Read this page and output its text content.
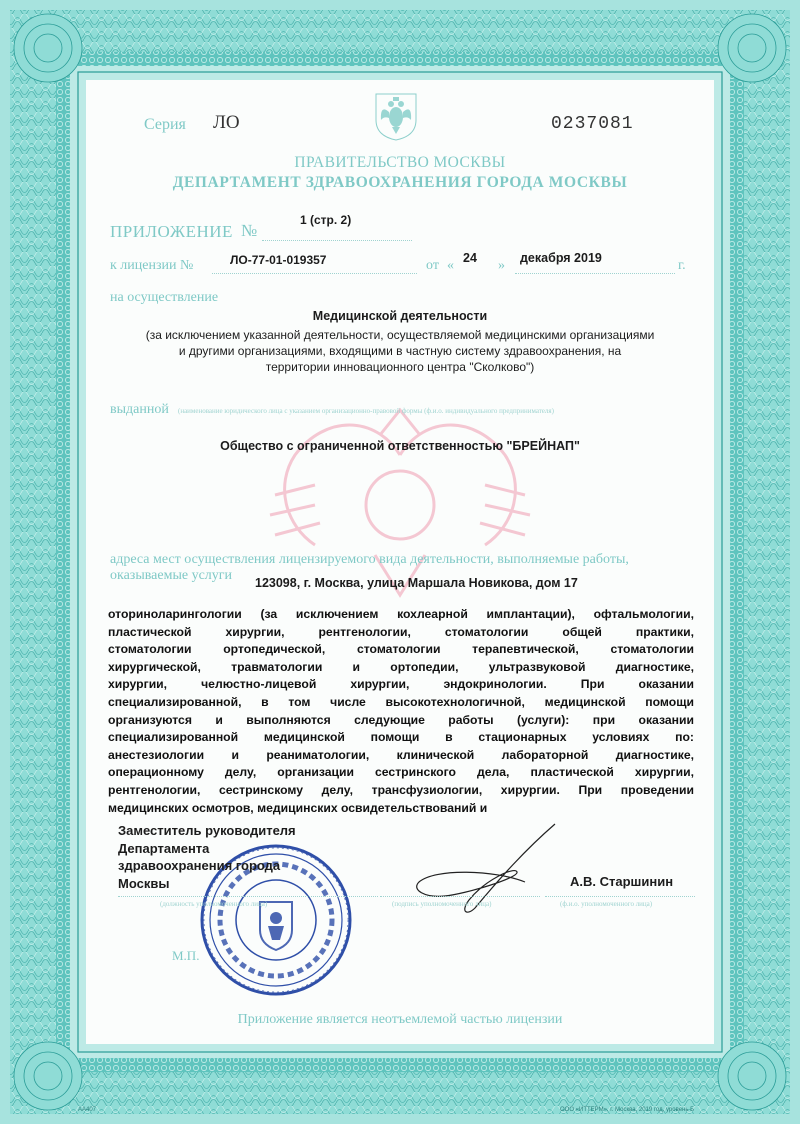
Серия ЛО	0237081
ПРАВИТЕЛЬСТВО МОСКВЫ
ДЕПАРТАМЕНТ ЗДРАВООХРАНЕНИЯ ГОРОДА МОСКВЫ
ПРИЛОЖЕНИЕ №
1 (стр. 2)
к лицензии №	ЛО-77-01-019357	от « 24 » декабря 2019	г.
на осуществление
Медицинской деятельности
(за исключением указанной деятельности, осуществляемой медицинскими организациями
и другими организациями, входящими в частную систему здравоохранения, на
территории инновационного центра "Сколково")
выданной (наименование юридического лица с указанием организационно-правовой формы (ф.и.о. индивидуального предпринимателя)
Общество с ограниченной ответственностью "БРЕЙНАП"
адреса мест осуществления лицензируемого вида деятельности, выполняемые работы,
оказываемые услуги 123098, г. Москва, улица Маршала Новикова, дом 17
оториноларингологии (за исключением кохлеарной имплантации), офтальмологии,
пластической хирургии, рентгенологии, стоматологии общей практики,
стоматологии ортопедической, стоматологии терапевтической, стоматологии
хирургической, травматологии и ортопедии, ультразвуковой диагностике,
хирургии, челюстно-лицевой хирургии, эндокринологии. При оказании
специализированной, в том числе высокотехнологичной, медицинской помощи
организуются и выполняются следующие работы (услуги): при оказании
специализированной медицинской помощи в стационарных условиях по:
анестезиологии и реаниматологии, клинической лабораторной диагностике,
операционному делу, организации сестринского дела, пластической хирургии,
рентгенологии, сестринскому делу, трансфузиологии, хирургии. При проведении
медицинских осмотров, медицинских освидетельствований и
Заместитель руководителя
Департамента
здравоохранения города
Москвы	А.В. Старшинин
(должность уполномоченного лица)	(подпись уполномоченного лица)	(ф.и.о. уполномоченного лица)
М.П.
Приложение является неотъемлемой частью лицензии
АА407	ООО «ИТТЕРМ», г. Москва, 2019 год, уровень Б
